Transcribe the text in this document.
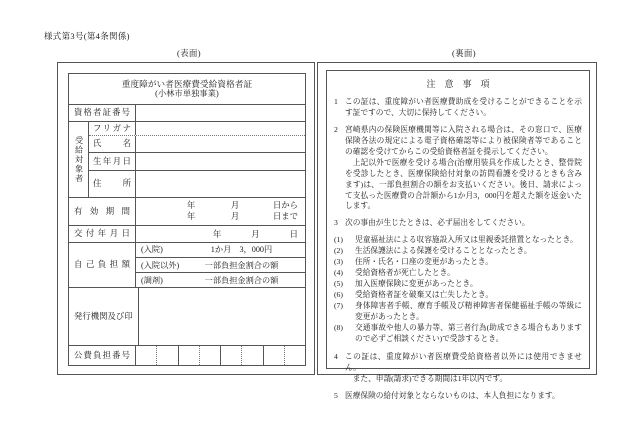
様式第3号(第4条関係)
(表面)	(裏面)
重度障がい者医療費受給資格者証
(小林市単独事業)
資格者証番号
受給対象者
フリガナ
氏名
生年月日
住所
有効期間
年	月	日から
年	月	日まで
交付年月日	年	月	日
自己負担額
(入院)	1か月　3，000円
(入院以外)	一部負担金割合の額
(調剤)	一部負担金割合の額
発行機関及び印
公費負担番号
注意事項
1 この証は、重度障がい者医療費助成を受けることができることを示す証ですので、大切に保持してください。

2 宮崎県内の保険医療機関等に入院される場合は、その窓口で、医療保険各法の規定による電子資格確認等により被保険者等であることの確認を受けてからこの受給資格者証を提示してください。

上記以外で医療を受ける場合(治療用装具を作成したとき、整骨院を受診したとき、医療保険給付対象の訪問看護を受けるときも含みます)は、一部負担割合の額をお支払いください。後日、請求によって支払った医療費の合計額から1か月3，000円を超えた額を返金いたします。

3 次の事由が生じたときは、必ず届出をしてください。

(1)	児童福祉法による収容施設入所又は里親委託措置となったとき。
(2)	生活保護法による保護を受けることとなったとき。
(3)	住所・氏名・口座の変更があったとき。
(4)	受給資格者が死亡したとき。
(5)	加入医療保険に変更があったとき。
(6)	受給資格者証を破棄又は亡失したとき。
(7)	身体障害者手帳、療育手帳及び精神障害者保健福祉手帳の等級に変更があったとき。
(8)	交通事故や他人の暴力等、第三者行為(助成できる場合もありますので必ずご相談ください)で受診するとき。
4 この証は、重度障がい者医療費受給資格者以外には使用できません。

また、申請(請求)できる期間は1年以内です。

5 医療保険の給付対象とならないものは、本人負担になります。
